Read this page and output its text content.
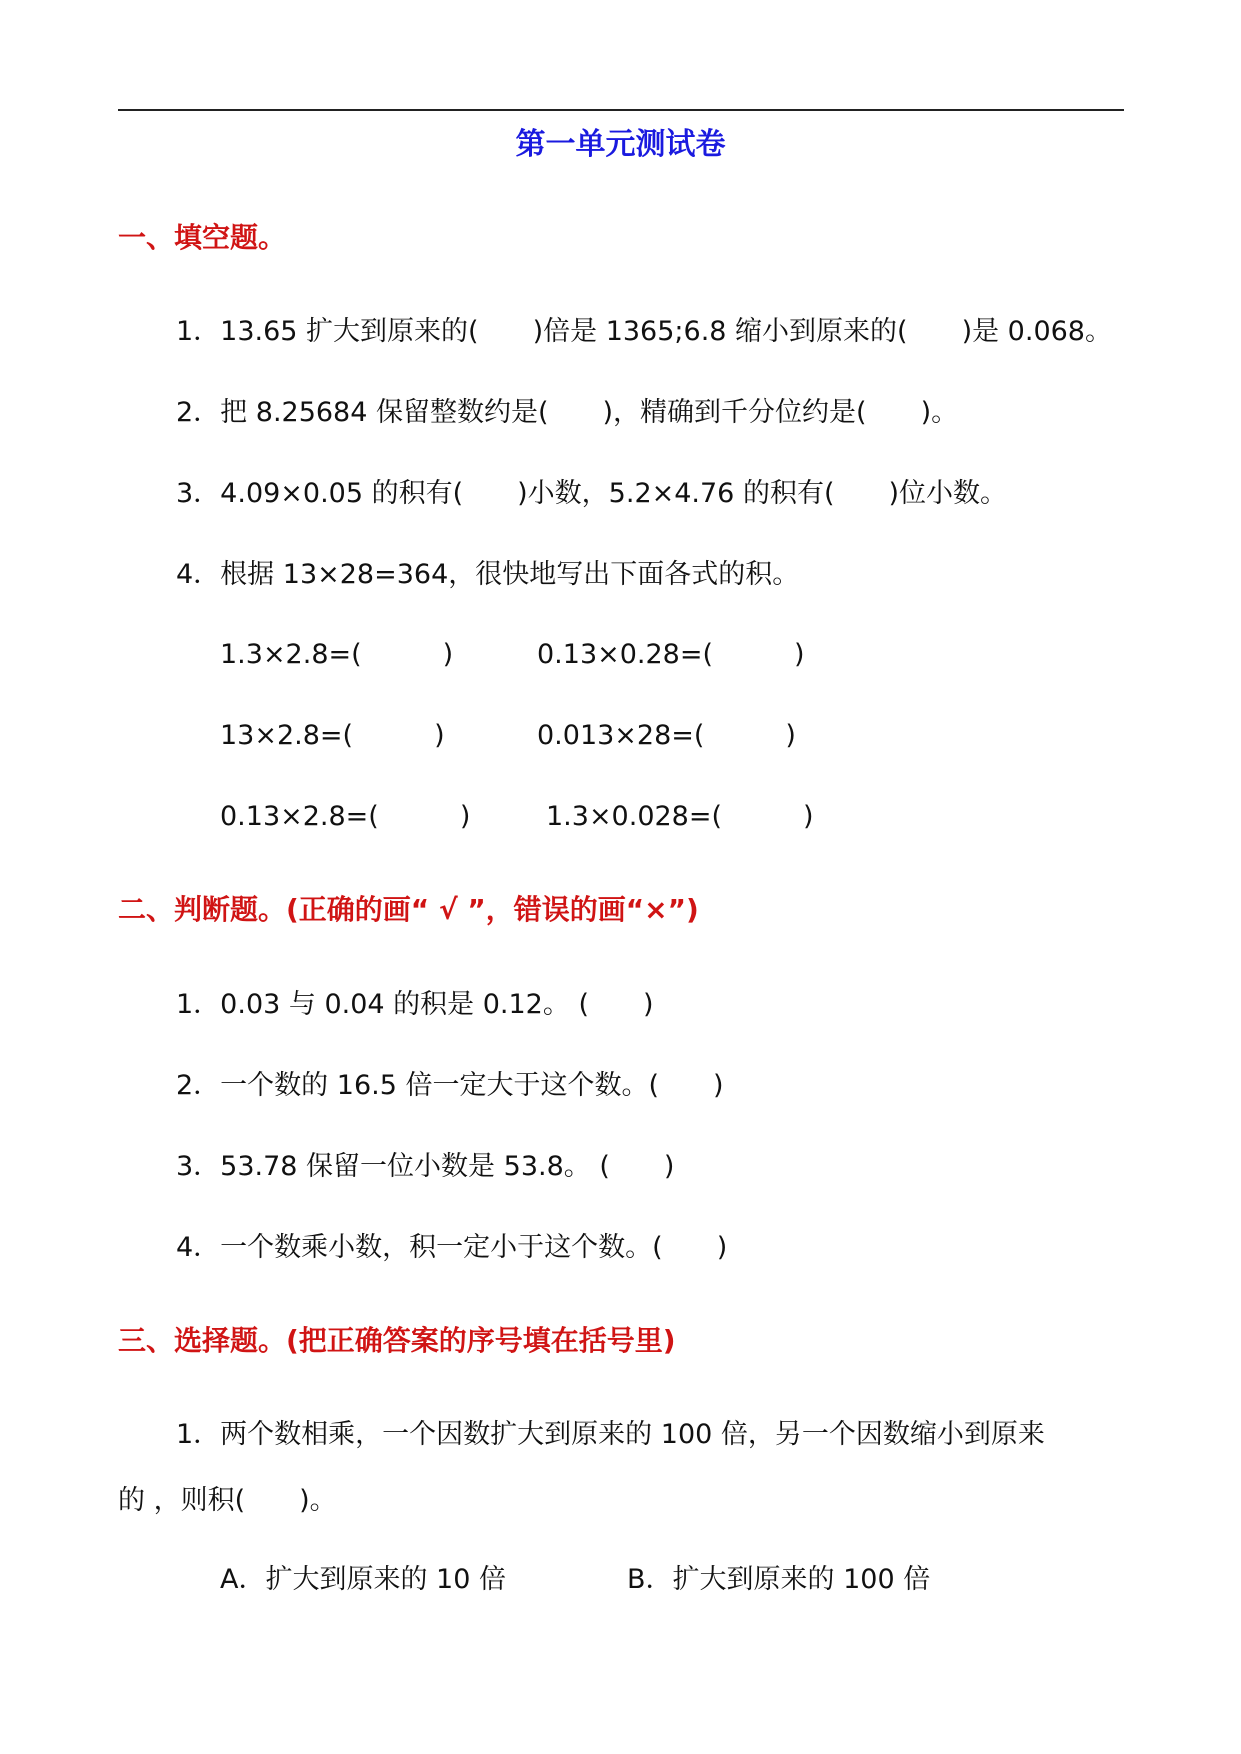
第一单元测试卷
一、填空题。
1．13.65 扩大到原来的(　　)倍是 1365;6.8 缩小到原来的(　　)是 0.068。
2．把 8.25684 保留整数约是(　　)，精确到千分位约是(　　)。
3．4.09×0.05 的积有(　　)小数，5.2×4.76 的积有(　　)位小数。
4．根据 13×28=364，很快地写出下面各式的积。
1.3×2.8=(　　　)	0.13×0.28=(　　　)
13×2.8=(　　　)	0.013×28=(　　　)
0.13×2.8=(　　　)	1.3×0.028=(　　　)
二、判断题。(正确的画“ √ ”，错误的画“×”)
1．0.03 与 0.04 的积是 0.12。 (　　)
2．一个数的 16.5 倍一定大于这个数。(　　)
3．53.78 保留一位小数是 53.8。 (　　)
4．一个数乘小数，积一定小于这个数。(　　)
三、选择题。(把正确答案的序号填在括号里)
1．两个数相乘，一个因数扩大到原来的 100 倍，另一个因数缩小到原来
的 ，则积(　　)。
A．扩大到原来的 10 倍	B．扩大到原来的 100 倍
